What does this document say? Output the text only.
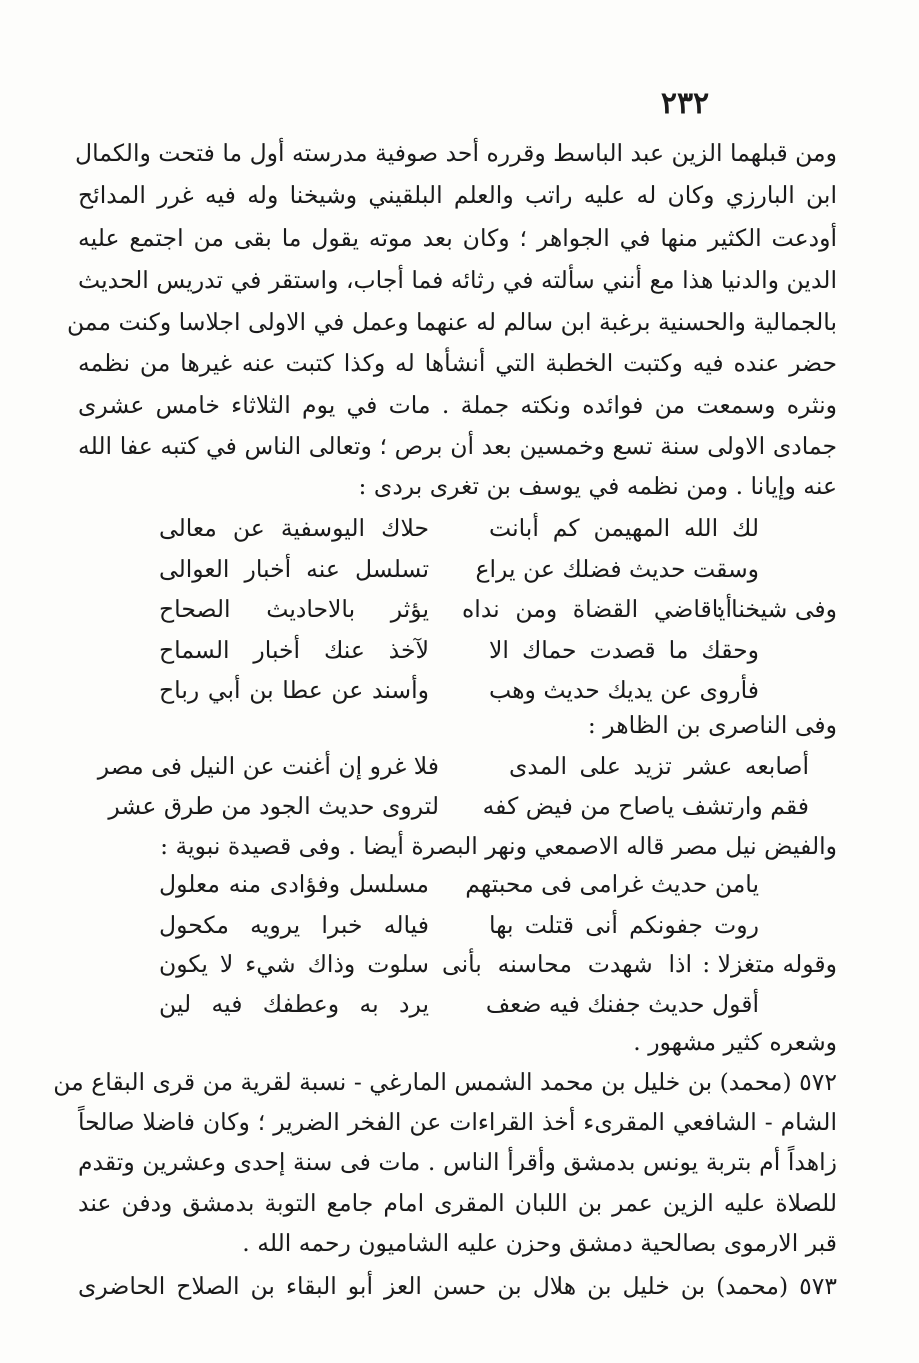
٢٣٢
ومن قبلهما الزين عبد الباسط وقرره أحد صوفية مدرسته أول ما فتحت والكمال
ابن البارزي وكان له عليه راتب والعلم البلقيني وشيخنا وله فيه غرر المدائح
أودعت الكثير منها في الجواهر ؛ وكان بعد موته يقول ما بقى من اجتمع عليه
الدين والدنيا هذا مع أنني سألته في رثائه فما أجاب، واستقر في تدريس الحديث
بالجمالية والحسنية برغبة ابن سالم له عنهما وعمل في الاولى اجلاسا وكنت ممن
حضر عنده فيه وكتبت الخطبة التي أنشأها له وكذا كتبت عنه غيرها من نظمه
ونثره وسمعت من فوائده ونكته جملة . مات في يوم الثلاثاء خامس عشرى
جمادى الاولى سنة تسع وخمسين بعد أن برص ؛ وتعالى الناس في كتبه عفا الله
عنه وإيانا . ومن نظمه في يوسف بن تغرى بردى :
لك الله المهيمن كم أبانت
حلاك اليوسفية عن معالى
وسقت حديث فضلك عن يراع
تسلسل عنه أخبار العوالى
وفى شيخنا :
أياقاضي القضاة ومن نداه
يؤثر بالاحاديث الصحاح
وحقك ما قصدت حماك الا
لآخذ عنك أخبار السماح
فأروى عن يديك حديث وهب
وأسند عن عطا بن أبي رباح
وفى الناصرى بن الظاهر :
أصابعه عشر تزيد على المدى
فلا غرو إن أغنت عن النيل فى مصر
فقم وارتشف ياصاح من فيض كفه
لتروى حديث الجود من طرق عشر
والفيض نيل مصر قاله الاصمعي ونهر البصرة أيضا . وفى قصيدة نبوية :
يامن حديث غرامى فى محبتهم
مسلسل وفؤادى منه معلول
روت جفونكم أنى قتلت بها
فياله خبرا يرويه مكحول
وقوله متغزلا :
اذا شهدت محاسنه بأنى
سلوت وذاك شيء لا يكون
أقول حديث جفنك فيه ضعف
يرد به وعطفك فيه لين
وشعره كثير مشهور .
٥٧٢ (محمد) بن خليل بن محمد الشمس المارغي - نسبة لقرية من قرى البقاع من
الشام - الشافعي المقرىء أخذ القراءات عن الفخر الضرير ؛ وكان فاضلا صالحاً
زاهداً أم بتربة يونس بدمشق وأقرأ الناس . مات فى سنة إحدى وعشرين وتقدم
للصلاة عليه الزين عمر بن اللبان المقرى امام جامع التوبة بدمشق ودفن عند
قبر الارموى بصالحية دمشق وحزن عليه الشاميون رحمه الله .
٥٧٣ (محمد) بن خليل بن هلال بن حسن العز أبو البقاء بن الصلاح الحاضرى
